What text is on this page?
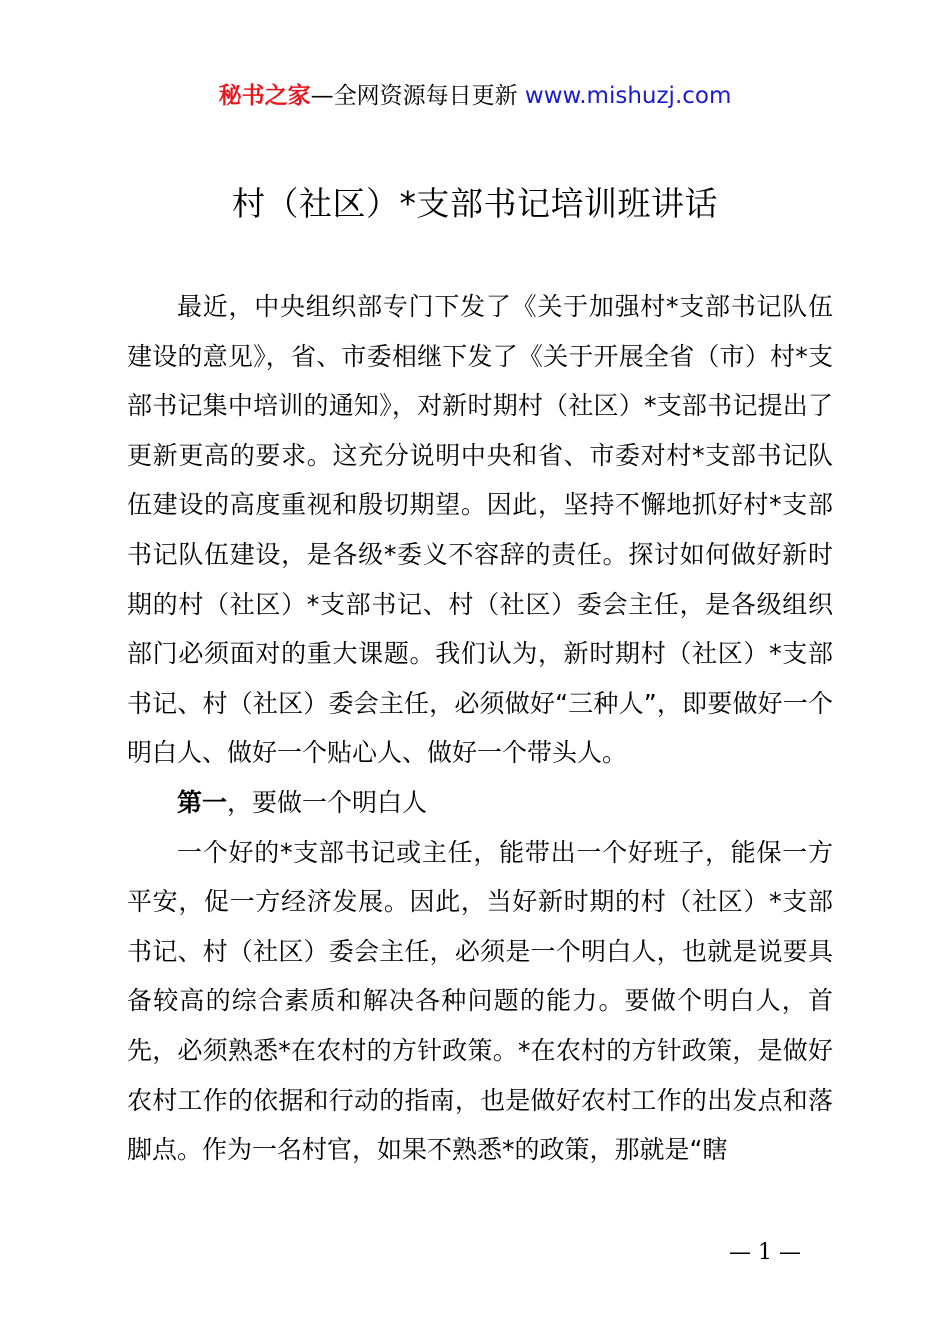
秘书之家—全网资源每日更新 www.mishuzj.com
村（社区）*支部书记培训班讲话

最近，中央组织部专门下发了《关于加强村*支部书记队伍建设的意见》，省、市委相继下发了《关于开展全省（市）村*支部书记集中培训的通知》，对新时期村（社区）*支部书记提出了更新更高的要求。这充分说明中央和省、市委对村*支部书记队伍建设的高度重视和殷切期望。因此，坚持不懈地抓好村*支部书记队伍建设，是各级*委义不容辞的责任。探讨如何做好新时期的村（社区）*支部书记、村（社区）委会主任，是各级组织部门必须面对的重大课题。我们认为，新时期村（社区）*支部书记、村（社区）委会主任，必须做好“三种人”，即要做好一个明白人、做好一个贴心人、做好一个带头人。

第一，要做一个明白人

一个好的*支部书记或主任，能带出一个好班子，能保一方平安，促一方经济发展。因此，当好新时期的村（社区）*支部书记、村（社区）委会主任，必须是一个明白人，也就是说要具备较高的综合素质和解决各种问题的能力。要做个明白人，首先，必须熟悉*在农村的方针政策。*在农村的方针政策，是做好农村工作的依据和行动的指南，也是做好农村工作的出发点和落脚点。作为一名村官，如果不熟悉*的政策，那就是“瞎

— 1 —
